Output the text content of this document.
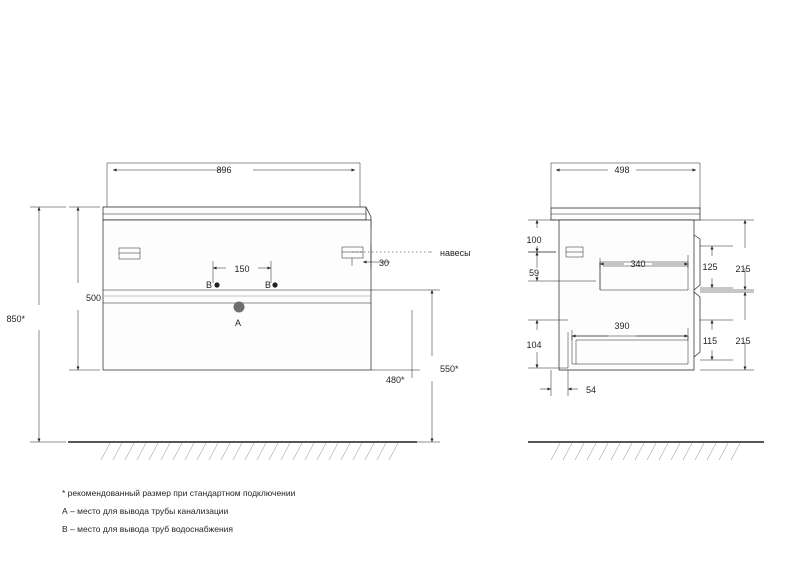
896
навесы
30
150
B	B
A
500
850*
550*
480*
498
100
59
104
340
390
125 215
115 215
54
* рекомендованный размер при стандартном подключении
А – место для вывода трубы канализации
В – место для вывода труб водоснабжения
